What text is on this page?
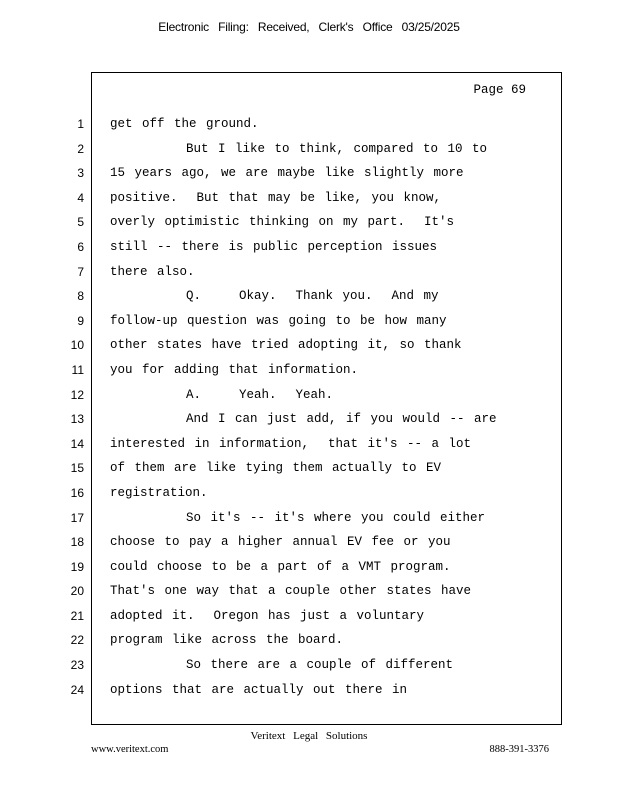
Electronic Filing: Received, Clerk's Office 03/25/2025
Page 69
1
2
3
4
5
6
7
8
9
10
11
12
13
14
15
16
17
18
19
20
21
22
23
24
get off the ground.
But I like to think, compared to 10 to
15 years ago, we are maybe like slightly more
positive.  But that may be like, you know,
overly optimistic thinking on my part.  It's
still -- there is public perception issues
there also.
Q.    Okay.  Thank you.  And my
follow-up question was going to be how many
other states have tried adopting it, so thank
you for adding that information.
A.    Yeah.  Yeah.
And I can just add, if you would -- are
interested in information,  that it's -- a lot
of them are like tying them actually to EV
registration.
So it's -- it's where you could either
choose to pay a higher annual EV fee or you
could choose to be a part of a VMT program.
That's one way that a couple other states have
adopted it.  Oregon has just a voluntary
program like across the board.
So there are a couple of different
options that are actually out there in
Veritext Legal Solutions
www.veritext.com	888-391-3376
